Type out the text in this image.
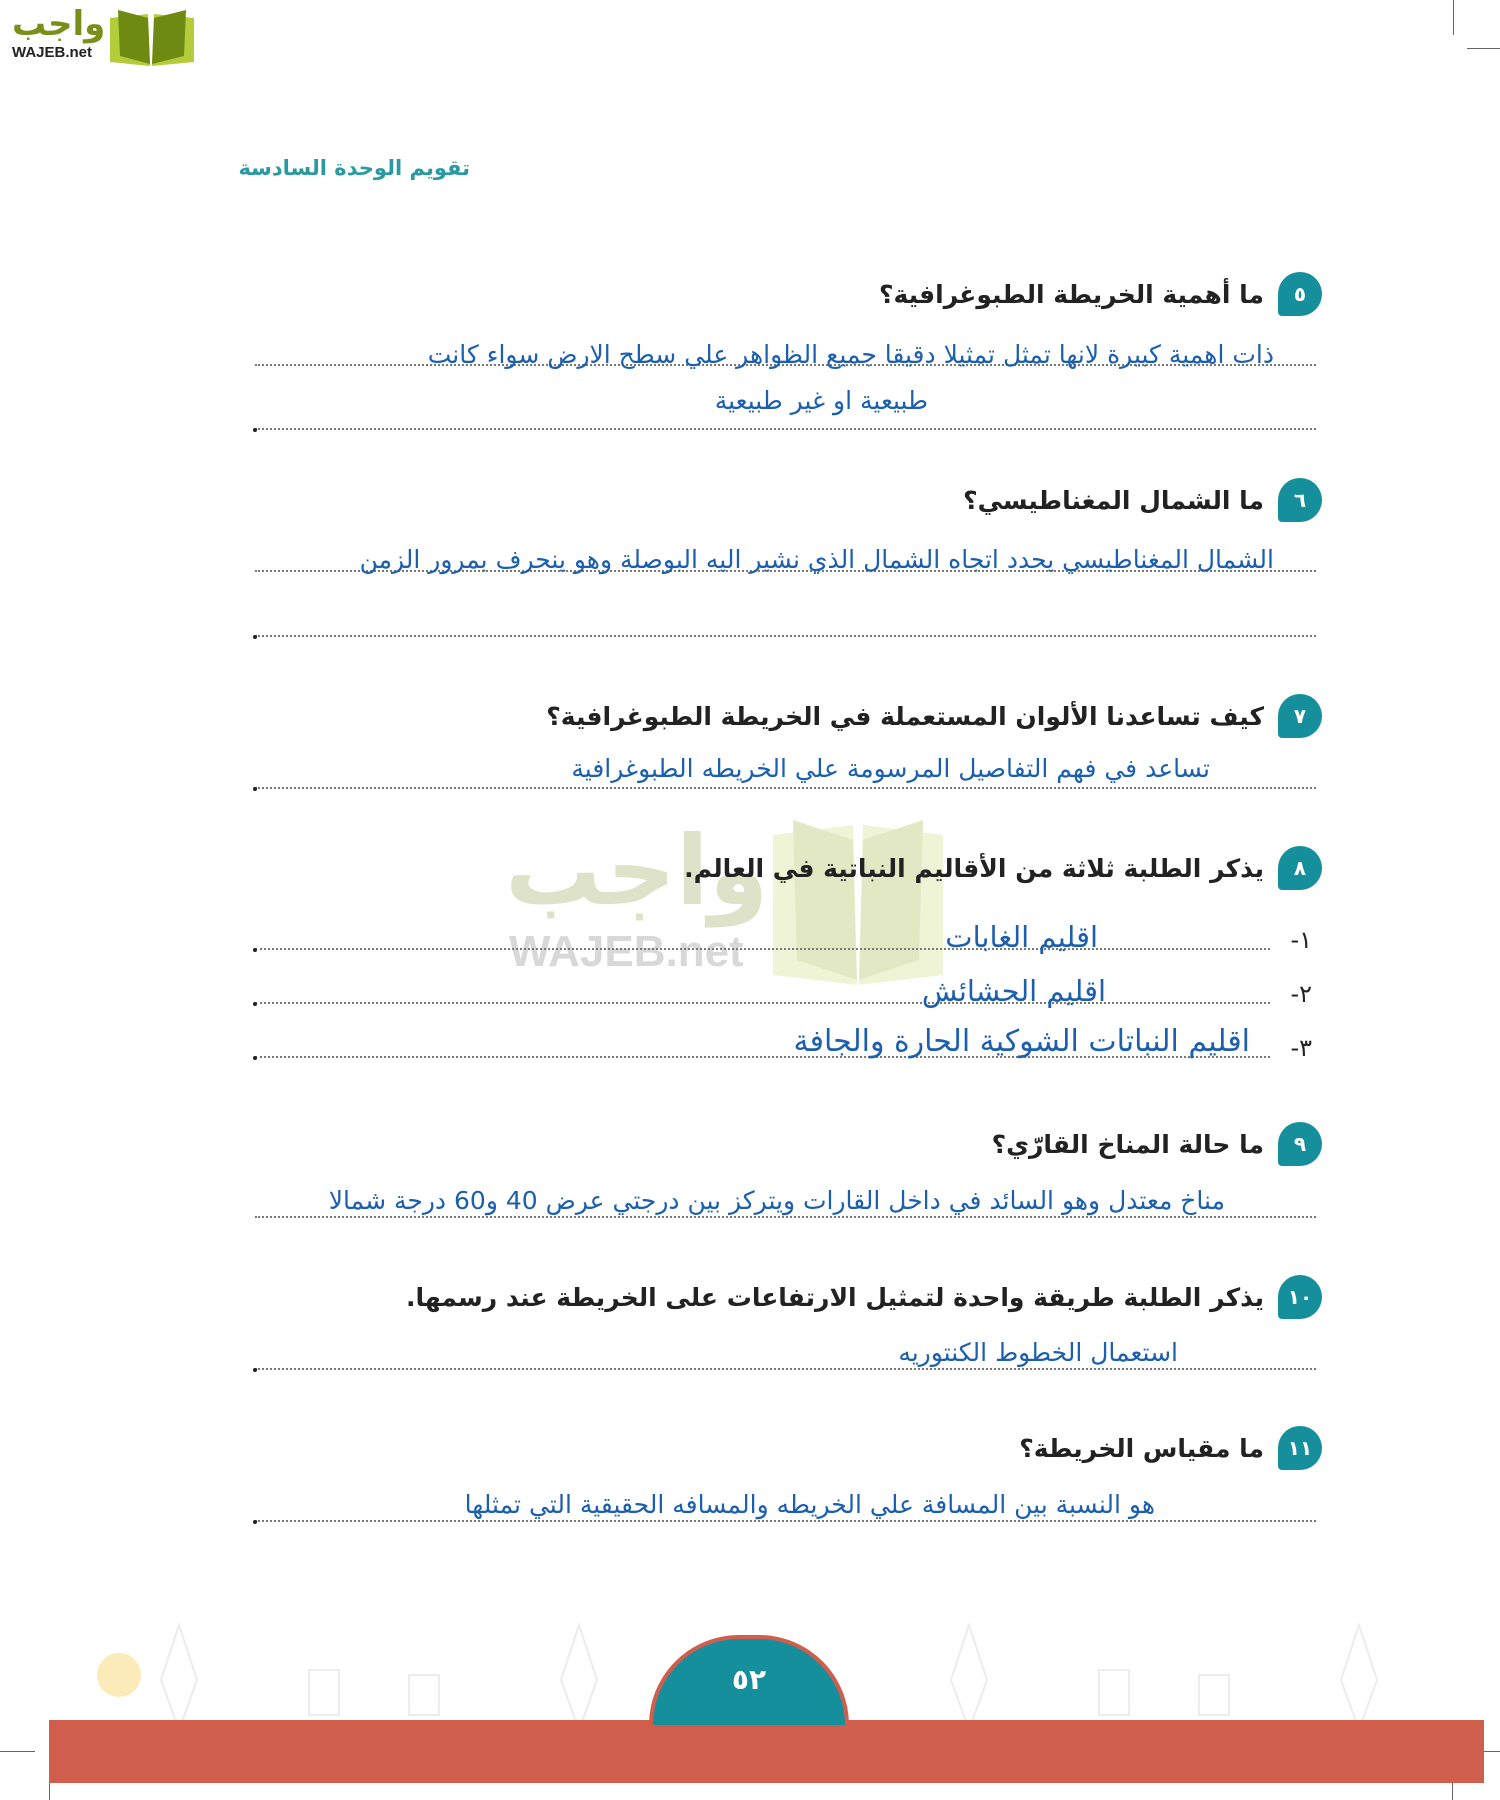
واجب
WAJEB.net
تقويم الوحدة السادسة
٥
ما أهمية الخريطة الطبوغرافية؟
ذات اهمية كبيرة لانها تمثل تمثيلا دقيقا جميع الظواهر علي سطح الارض سواء كانت
طبيعية او غير طبيعية
٦
ما الشمال المغناطيسي؟
الشمال المغناطيسي يحدد اتجاه الشمال الذي نشير اليه البوصلة وهو ينحرف بمرور الزمن
٧
كيف تساعدنا الألوان المستعملة في الخريطة الطبوغرافية؟
تساعد في فهم التفاصيل المرسومة علي الخريطه الطبوغرافية
واجب
WAJEB.net
٨
يذكر الطلبة ثلاثة من الأقاليم النباتية في العالم.
١-
اقليم الغابات
٢-
اقليم الحشائش
٣-
اقليم النباتات الشوكية الحارة والجافة
٩
ما حالة المناخ القارّي؟
مناخ معتدل وهو السائد في داخل القارات ويتركز بين درجتي عرض 40 و60 درجة شمالا
١٠
يذكر الطلبة طريقة واحدة لتمثيل الارتفاعات على الخريطة عند رسمها.
استعمال الخطوط الكنتوريه
١١
ما مقياس الخريطة؟
هو النسبة بين المسافة علي الخريطه والمسافه الحقيقية التي تمثلها
٥٢
